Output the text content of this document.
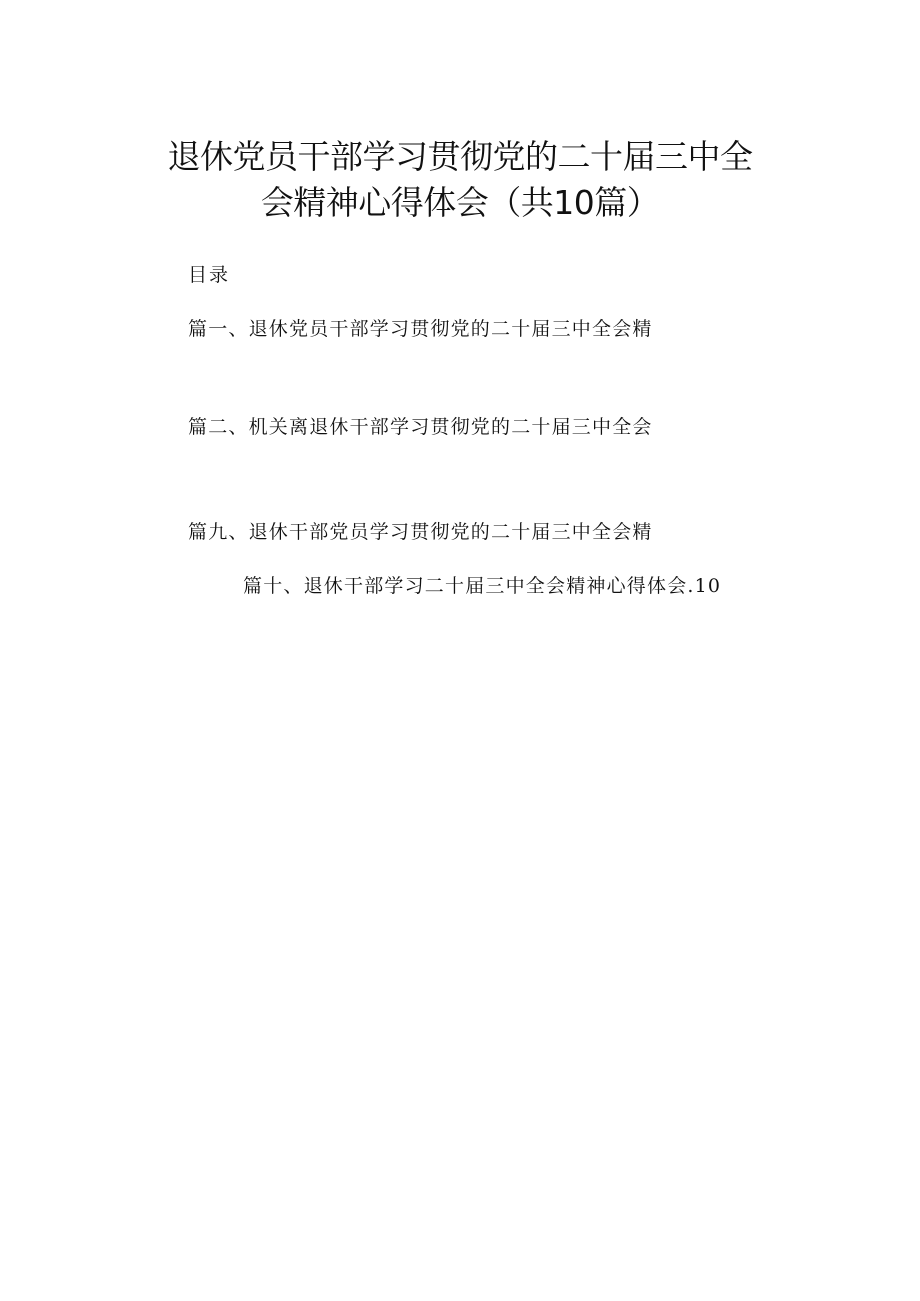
退休党员干部学习贯彻党的二十届三中全
会精神心得体会（共10篇）
目录
篇一、退休党员干部学习贯彻党的二十届三中全会精
篇二、机关离退休干部学习贯彻党的二十届三中全会
篇九、退休干部党员学习贯彻党的二十届三中全会精
篇十、退休干部学习二十届三中全会精神心得体会.10
